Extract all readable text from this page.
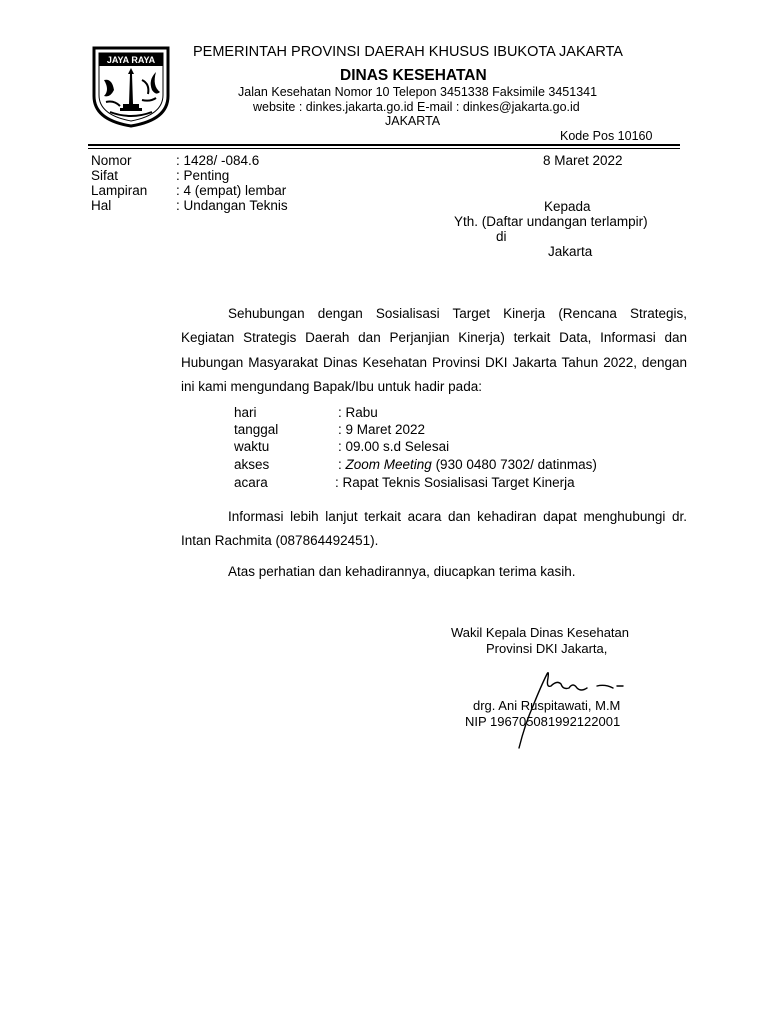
JAYA RAYA	PEMERINTAH PROVINSI DAERAH KHUSUS IBUKOTA JAKARTA
DINAS KESEHATAN
Jalan Kesehatan Nomor 10 Telepon 3451338 Faksimile 3451341
website : dinkes.jakarta.go.id E-mail : dinkes@jakarta.go.id
JAKARTA
Kode Pos 10160
Nomor	: 1428/ -084.6
Sifat	: Penting
Lampiran : 4 (empat) lembar
Hal	: Undangan Teknis
8 Maret 2022
Kepada
Yth. (Daftar undangan terlampir)
di
Jakarta
Sehubungan dengan Sosialisasi Target Kinerja (Rencana Strategis, Kegiatan Strategis Daerah dan Perjanjian Kinerja) terkait Data, Informasi dan Hubungan Masyarakat Dinas Kesehatan Provinsi DKI Jakarta Tahun 2022, dengan ini kami mengundang Bapak/Ibu untuk hadir pada:
hari	: Rabu
tanggal	: 9 Maret 2022
waktu	: 09.00 s.d Selesai
akses	: Zoom Meeting (930 0480 7302/ datinmas)
acara	: Rapat Teknis Sosialisasi Target Kinerja
Informasi lebih lanjut terkait acara dan kehadiran dapat menghubungi dr. Intan Rachmita (087864492451).
Atas perhatian dan kehadirannya, diucapkan terima kasih.
Wakil Kepala Dinas Kesehatan
Provinsi DKI Jakarta,
drg. Ani Ruspitawati, M.M
NIP 196705081992122001
